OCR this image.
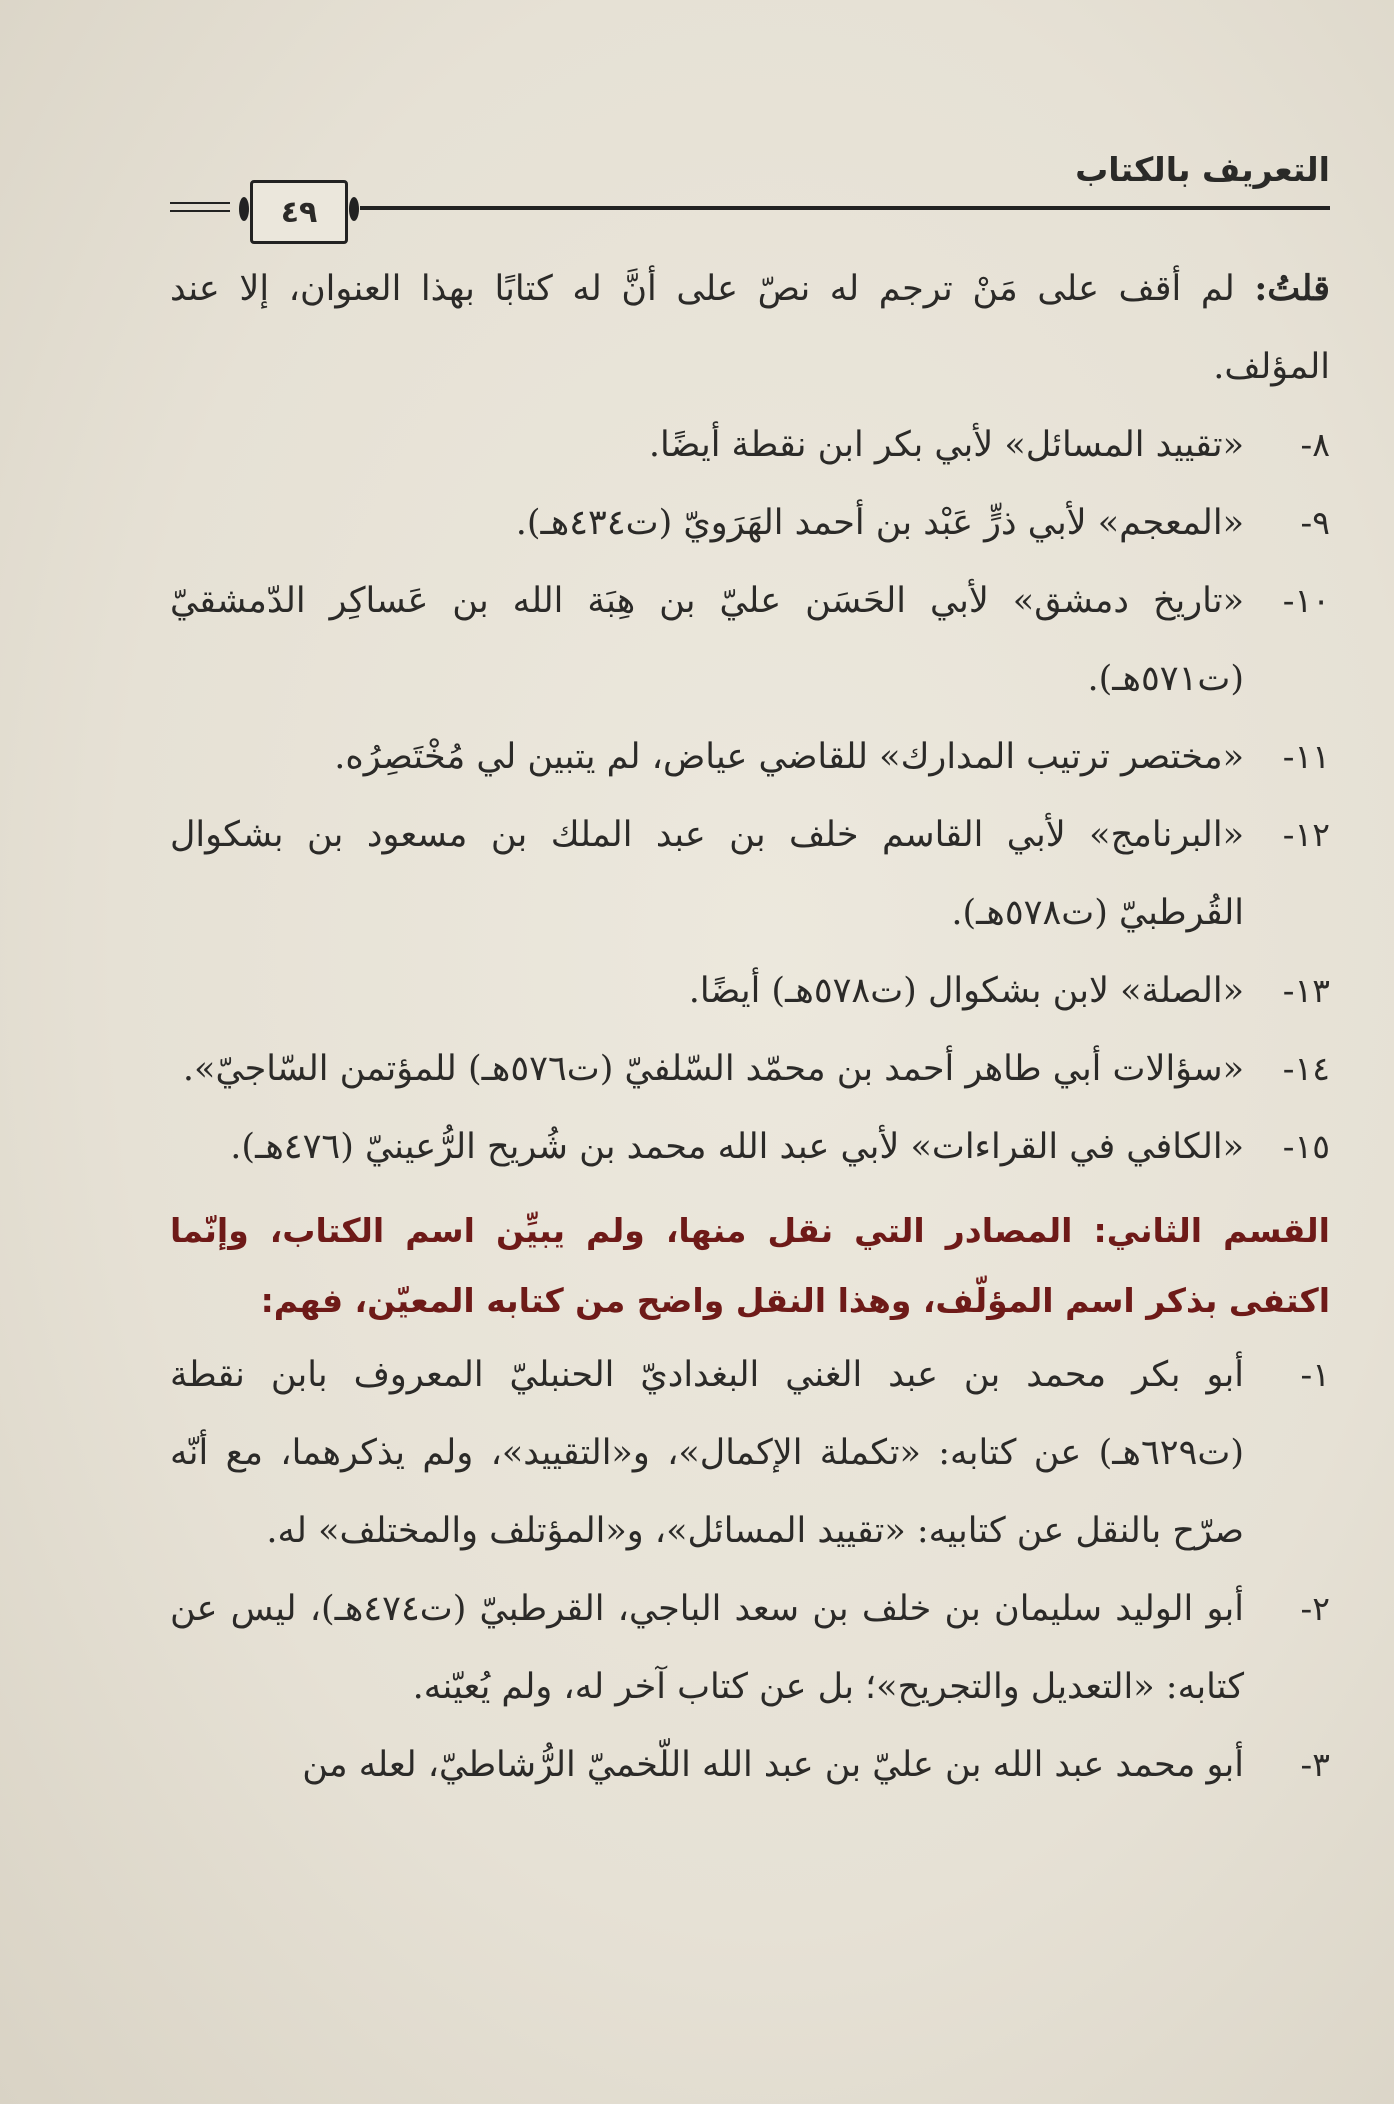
التعريف بالكتاب
٤٩

قلتُ: لم أقف على مَنْ ترجم له نصّ على أنَّ له كتابًا بهذا العنوان، إلا عند المؤلف.

٨-
«تقييد المسائل» لأبي بكر ابن نقطة أيضًا.
٩-
«المعجم» لأبي ذرٍّ عَبْد بن أحمد الهَرَويّ (ت٤٣٤هـ).
١٠-
«تاريخ دمشق» لأبي الحَسَن عليّ بن هِبَة الله بن عَساكِر الدّمشقيّ (ت٥٧١هـ).
١١-
«مختصر ترتيب المدارك» للقاضي عياض، لم يتبين لي مُخْتَصِرُه.
١٢-
«البرنامج» لأبي القاسم خلف بن عبد الملك بن مسعود بن بشكوال القُرطبيّ (ت٥٧٨هـ).
١٣-
«الصلة» لابن بشكوال (ت٥٧٨هـ) أيضًا.
١٤-
«سؤالات أبي طاهر أحمد بن محمّد السّلفيّ (ت٥٧٦هـ) للمؤتمن السّاجيّ».
١٥-
«الكافي في القراءات» لأبي عبد الله محمد بن شُريح الرُّعينيّ (٤٧٦هـ).

القسم الثاني: المصادر التي نقل منها، ولم يبيِّن اسم الكتاب، وإنّما اكتفى بذكر اسم المؤلّف، وهذا النقل واضح من كتابه المعيّن، فهم:

١-
أبو بكر محمد بن عبد الغني البغداديّ الحنبليّ المعروف بابن نقطة (ت٦٢٩هـ) عن كتابه: «تكملة الإكمال»، و«التقييد»، ولم يذكرهما، مع أنّه صرّح بالنقل عن كتابيه: «تقييد المسائل»، و«المؤتلف والمختلف» له.
٢-
أبو الوليد سليمان بن خلف بن سعد الباجي، القرطبيّ (ت٤٧٤هـ)، ليس عن كتابه: «التعديل والتجريح»؛ بل عن كتاب آخر له، ولم يُعيّنه.
٣-
أبو محمد عبد الله بن عليّ بن عبد الله اللّخميّ الرُّشاطيّ، لعله من
